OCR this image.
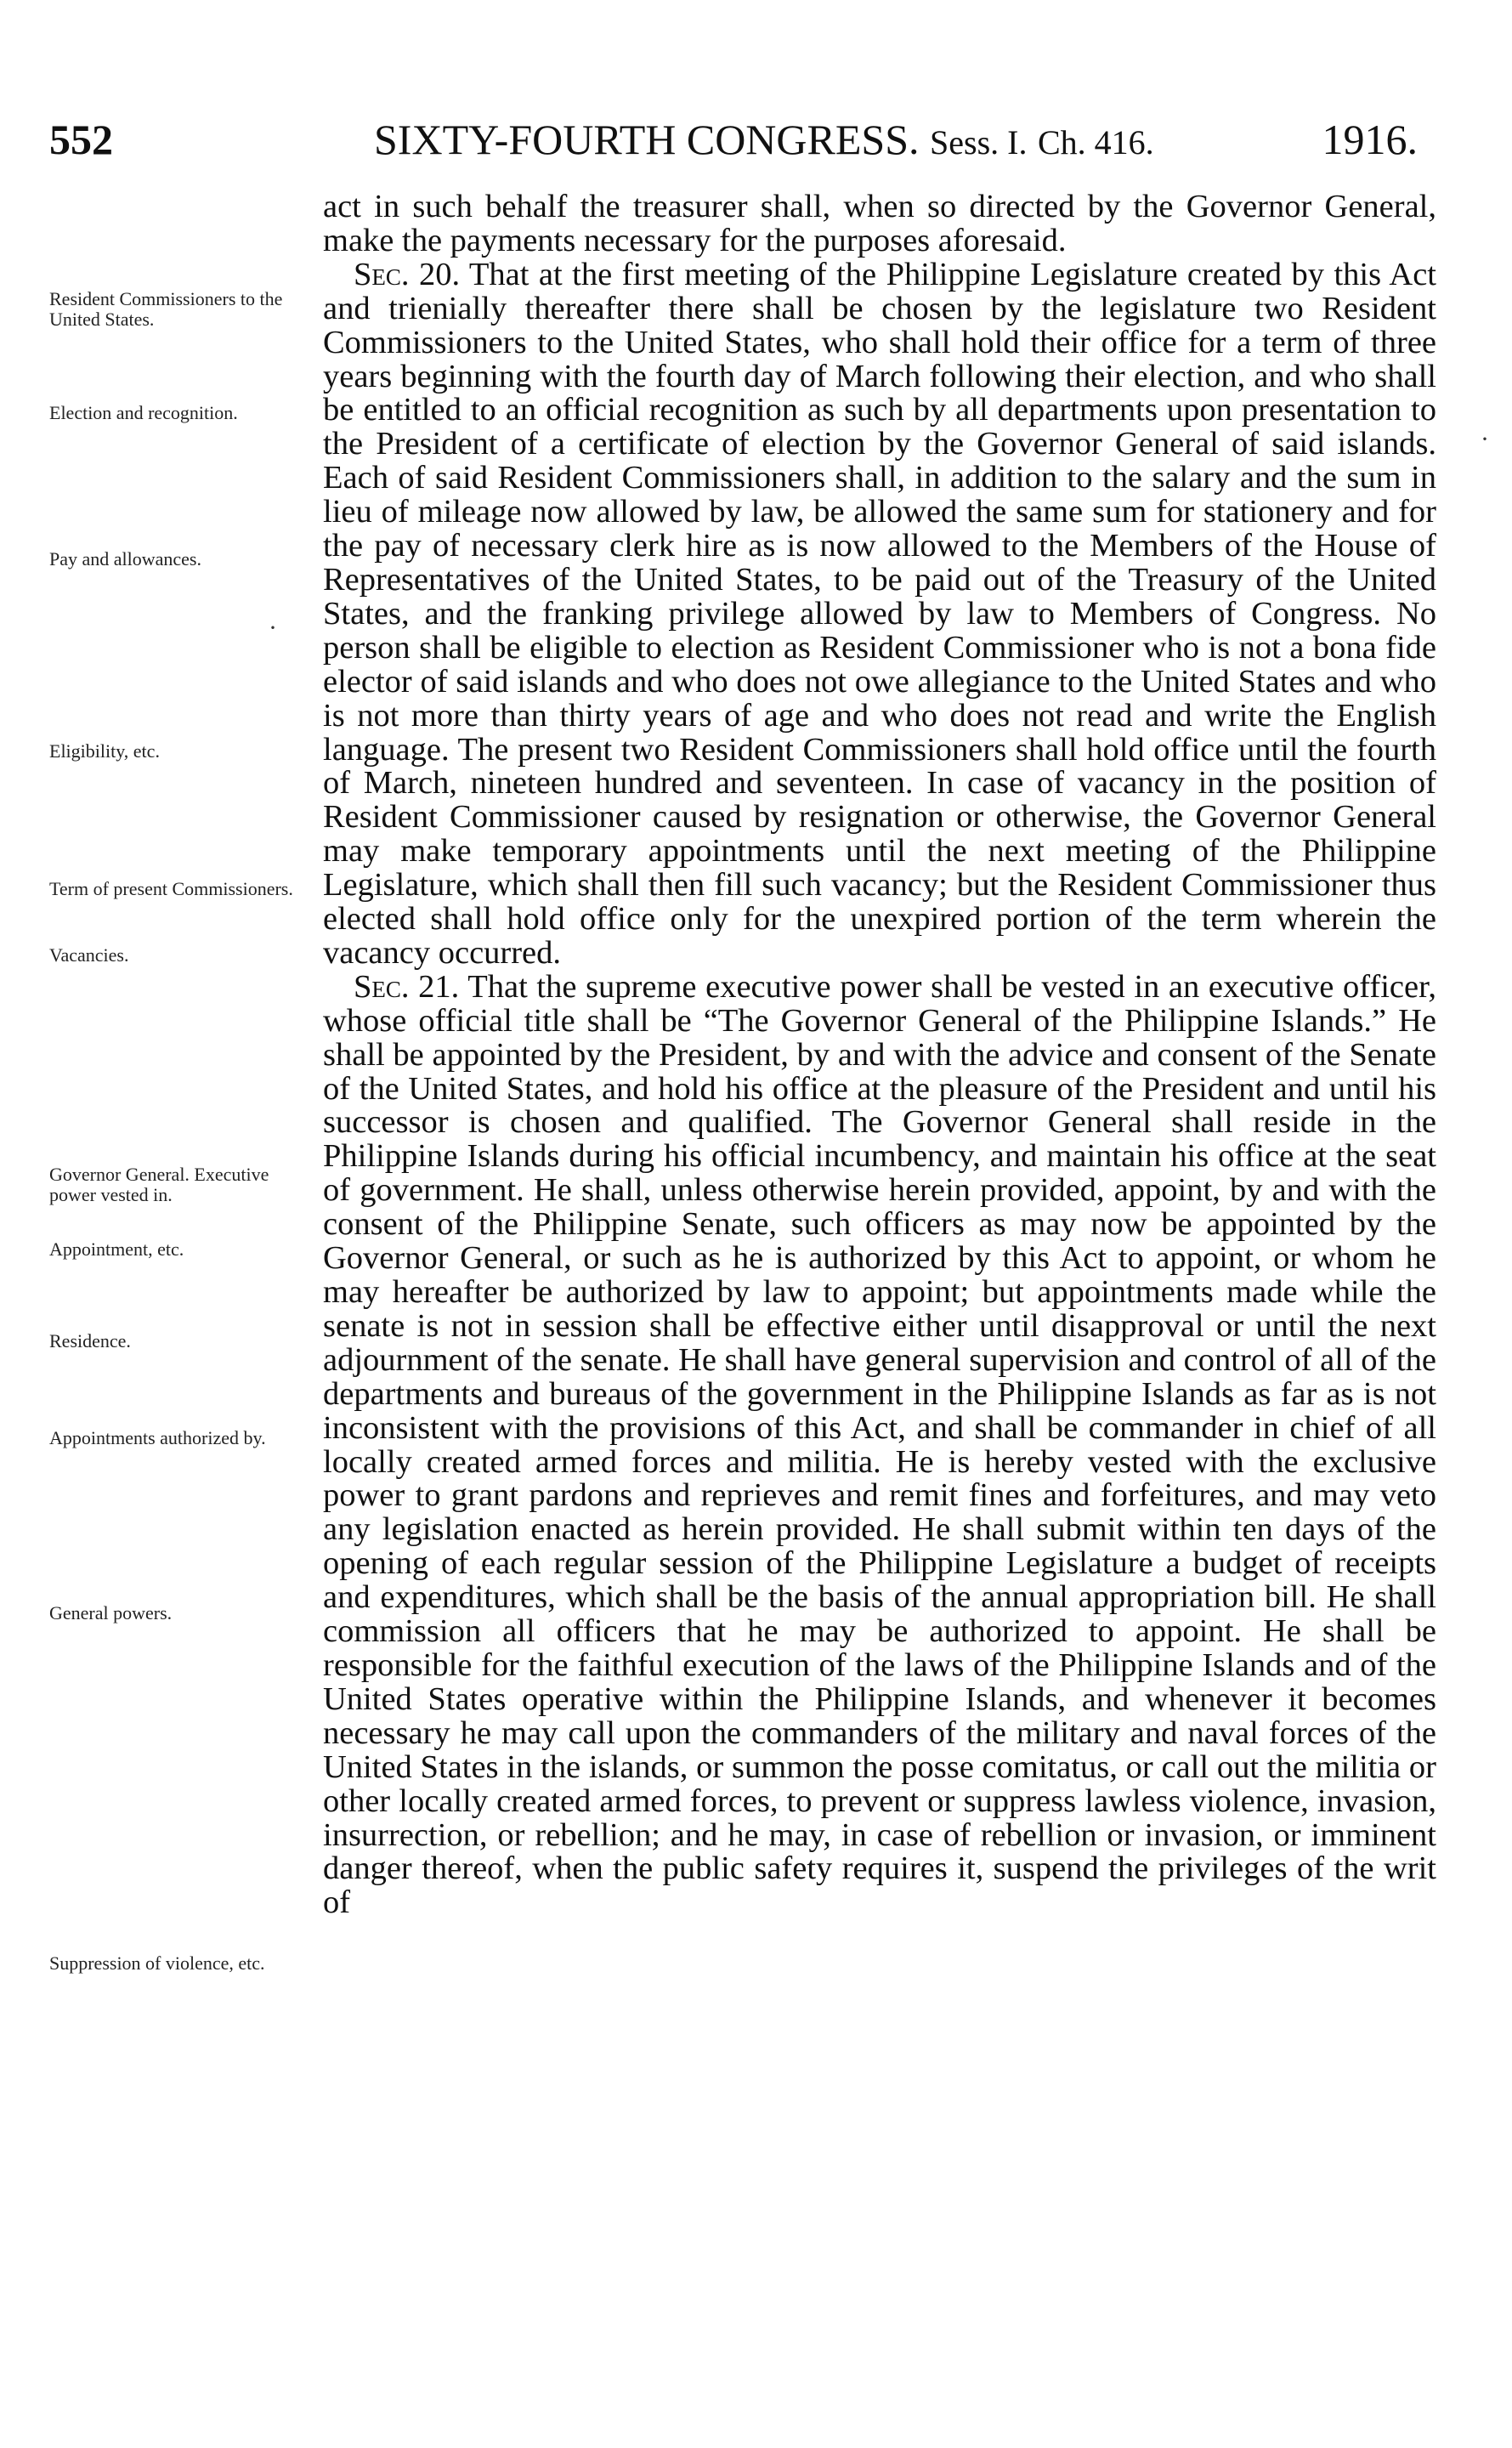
552	SIXTY-FOURTH CONGRESS. Sess. I. Ch. 416.	1916.

act in such behalf the treasurer shall, when so directed by the Governor General, make the payments necessary for the purposes aforesaid.

Sec. 20. That at the first meeting of the Philippine Legislature created by this Act and trienially thereafter there shall be chosen by the legislature two Resident Commissioners to the United States, who shall hold their office for a term of three years beginning with the fourth day of March following their election, and who shall be entitled to an official recognition as such by all departments upon presentation to the President of a certificate of election by the Governor General of said islands. Each of said Resident Commissioners shall, in addition to the salary and the sum in lieu of mileage now allowed by law, be allowed the same sum for stationery and for the pay of necessary clerk hire as is now allowed to the Members of the House of Representatives of the United States, to be paid out of the Treasury of the United States, and the franking privilege allowed by law to Members of Congress. No person shall be eligible to election as Resident Commissioner who is not a bona fide elector of said islands and who does not owe allegiance to the United States and who is not more than thirty years of age and who does not read and write the English language. The present two Resident Commissioners shall hold office until the fourth of March, nineteen hundred and seventeen. In case of vacancy in the position of Resident Commissioner caused by resignation or otherwise, the Governor General may make temporary appointments until the next meeting of the Philippine Legislature, which shall then fill such vacancy; but the Resident Commissioner thus elected shall hold office only for the unexpired portion of the term wherein the vacancy occurred.

Sec. 21. That the supreme executive power shall be vested in an executive officer, whose official title shall be “The Governor General of the Philippine Islands.” He shall be appointed by the President, by and with the advice and consent of the Senate of the United States, and hold his office at the pleasure of the President and until his successor is chosen and qualified. The Governor General shall reside in the Philippine Islands during his official incumbency, and maintain his office at the seat of government. He shall, unless otherwise herein provided, appoint, by and with the consent of the Philippine Senate, such officers as may now be appointed by the Governor General, or such as he is authorized by this Act to appoint, or whom he may hereafter be authorized by law to appoint; but appointments made while the senate is not in session shall be effective either until disapproval or until the next adjournment of the senate. He shall have general supervision and control of all of the departments and bureaus of the government in the Philippine Islands as far as is not inconsistent with the provisions of this Act, and shall be commander in chief of all locally created armed forces and militia. He is hereby vested with the exclusive power to grant pardons and reprieves and remit fines and forfeitures, and may veto any legislation enacted as herein provided. He shall submit within ten days of the opening of each regular session of the Philippine Legislature a budget of receipts and expenditures, which shall be the basis of the annual appropriation bill. He shall commission all officers that he may be authorized to appoint. He shall be responsible for the faithful execution of the laws of the Philippine Islands and of the United States operative within the Philippine Islands, and whenever it becomes necessary he may call upon the commanders of the military and naval forces of the United States in the islands, or summon the posse comitatus, or call out the militia or other locally created armed forces, to prevent or suppress lawless violence, invasion, insurrection, or rebellion; and he may, in case of rebellion or invasion, or imminent danger thereof, when the public safety requires it, suspend the privileges of the writ of

Resident Commissioners to the United States.
Election and recognition.
Pay and allowances.
Eligibility, etc.
Term of present Commissioners.
Vacancies.
Governor General. Executive power vested in.
Appointment, etc.
Residence.
Appointments authorized by.
General powers.
Suppression of violence, etc.
·
·
